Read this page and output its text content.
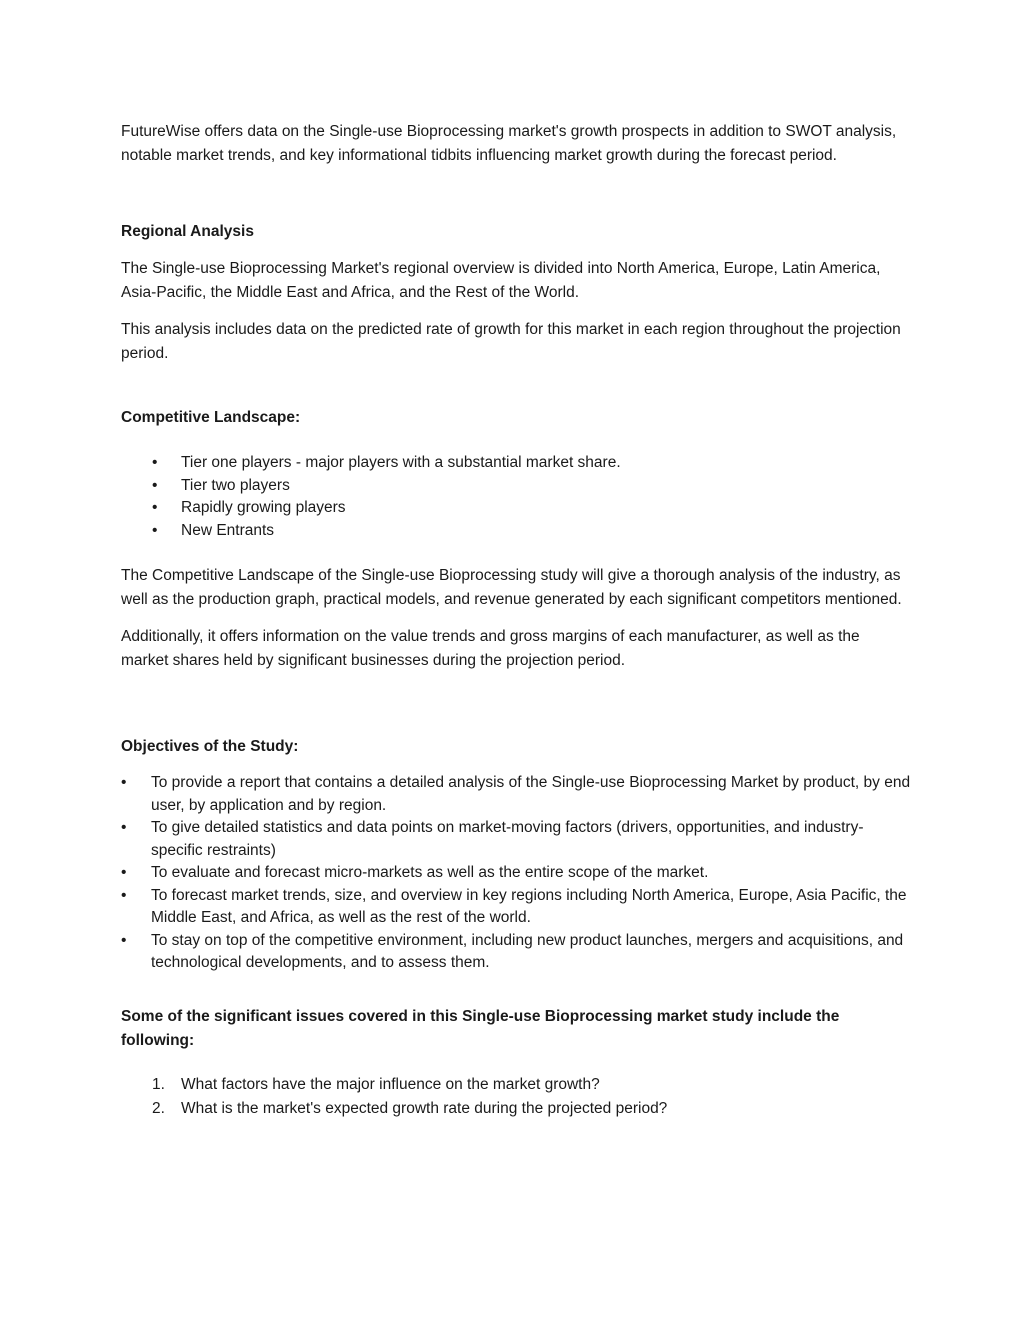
FutureWise offers data on the Single-use Bioprocessing market's growth prospects in addition to SWOT analysis, notable market trends, and key informational tidbits influencing market growth during the forecast period.

Regional Analysis

The Single-use Bioprocessing Market's regional overview is divided into North America, Europe, Latin America, Asia-Pacific, the Middle East and Africa, and the Rest of the World.

This analysis includes data on the predicted rate of growth for this market in each region throughout the projection period.

Competitive Landscape:

• Tier one players - major players with a substantial market share.
• Tier two players
• Rapidly growing players
• New Entrants

The Competitive Landscape of the Single-use Bioprocessing study will give a thorough analysis of the industry, as well as the production graph, practical models, and revenue generated by each significant competitors mentioned.

Additionally, it offers information on the value trends and gross margins of each manufacturer, as well as the market shares held by significant businesses during the projection period.

Objectives of the Study:

• To provide a report that contains a detailed analysis of the Single-use Bioprocessing Market by product, by end user, by application and by region.
• To give detailed statistics and data points on market-moving factors (drivers, opportunities, and industry-specific restraints)
• To evaluate and forecast micro-markets as well as the entire scope of the market.
• To forecast market trends, size, and overview in key regions including North America, Europe, Asia Pacific, the Middle East, and Africa, as well as the rest of the world.
• To stay on top of the competitive environment, including new product launches, mergers and acquisitions, and technological developments, and to assess them.

Some of the significant issues covered in this Single-use Bioprocessing market study include the following:

1. What factors have the major influence on the market growth?
2. What is the market's expected growth rate during the projected period?
